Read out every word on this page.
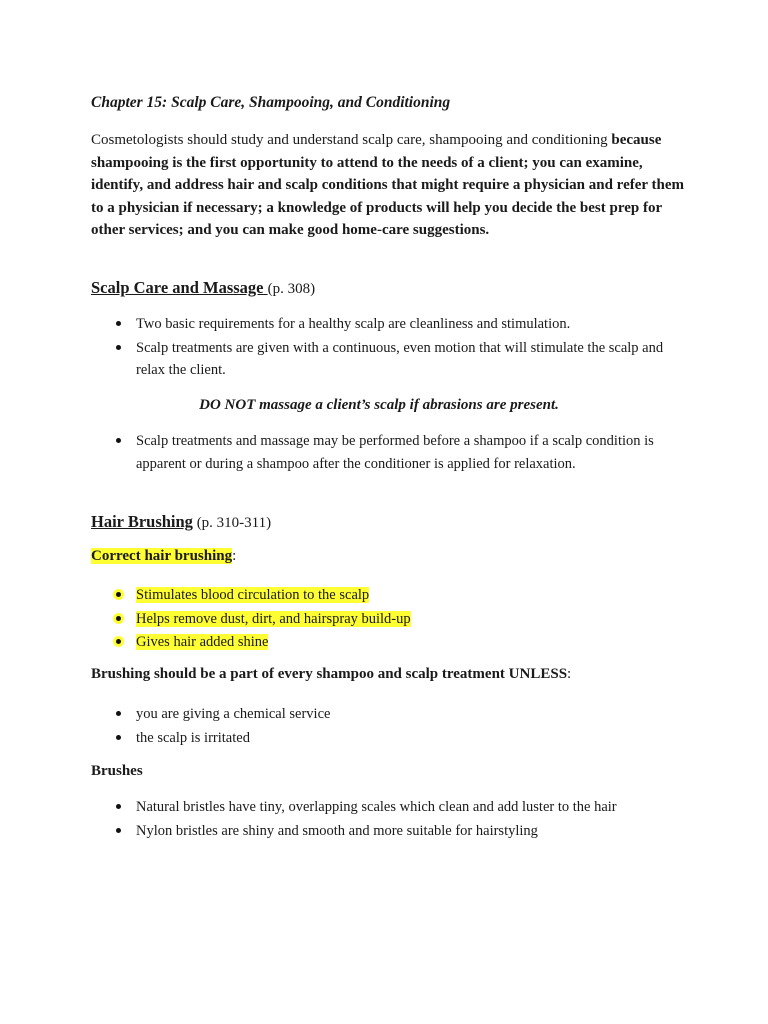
Chapter 15: Scalp Care, Shampooing, and Conditioning

Cosmetologists should study and understand scalp care, shampooing and conditioning because shampooing is the first opportunity to attend to the needs of a client; you can examine, identify, and address hair and scalp conditions that might require a physician and refer them to a physician if necessary; a knowledge of products will help you decide the best prep for other services; and you can make good home-care suggestions.

Scalp Care and Massage (p. 308)
Two basic requirements for a healthy scalp are cleanliness and stimulation.
Scalp treatments are given with a continuous, even motion that will stimulate the scalp and relax the client.

DO NOT massage a client’s scalp if abrasions are present.

Scalp treatments and massage may be performed before a shampoo if a scalp condition is apparent or during a shampoo after the conditioner is applied for relaxation.
Hair Brushing (p. 310-311)

Correct hair brushing:

Stimulates blood circulation to the scalp
Helps remove dust, dirt, and hairspray build-up
Gives hair added shine

Brushing should be a part of every shampoo and scalp treatment UNLESS:

you are giving a chemical service
the scalp is irritated

Brushes

Natural bristles have tiny, overlapping scales which clean and add luster to the hair
Nylon bristles are shiny and smooth and more suitable for hairstyling
